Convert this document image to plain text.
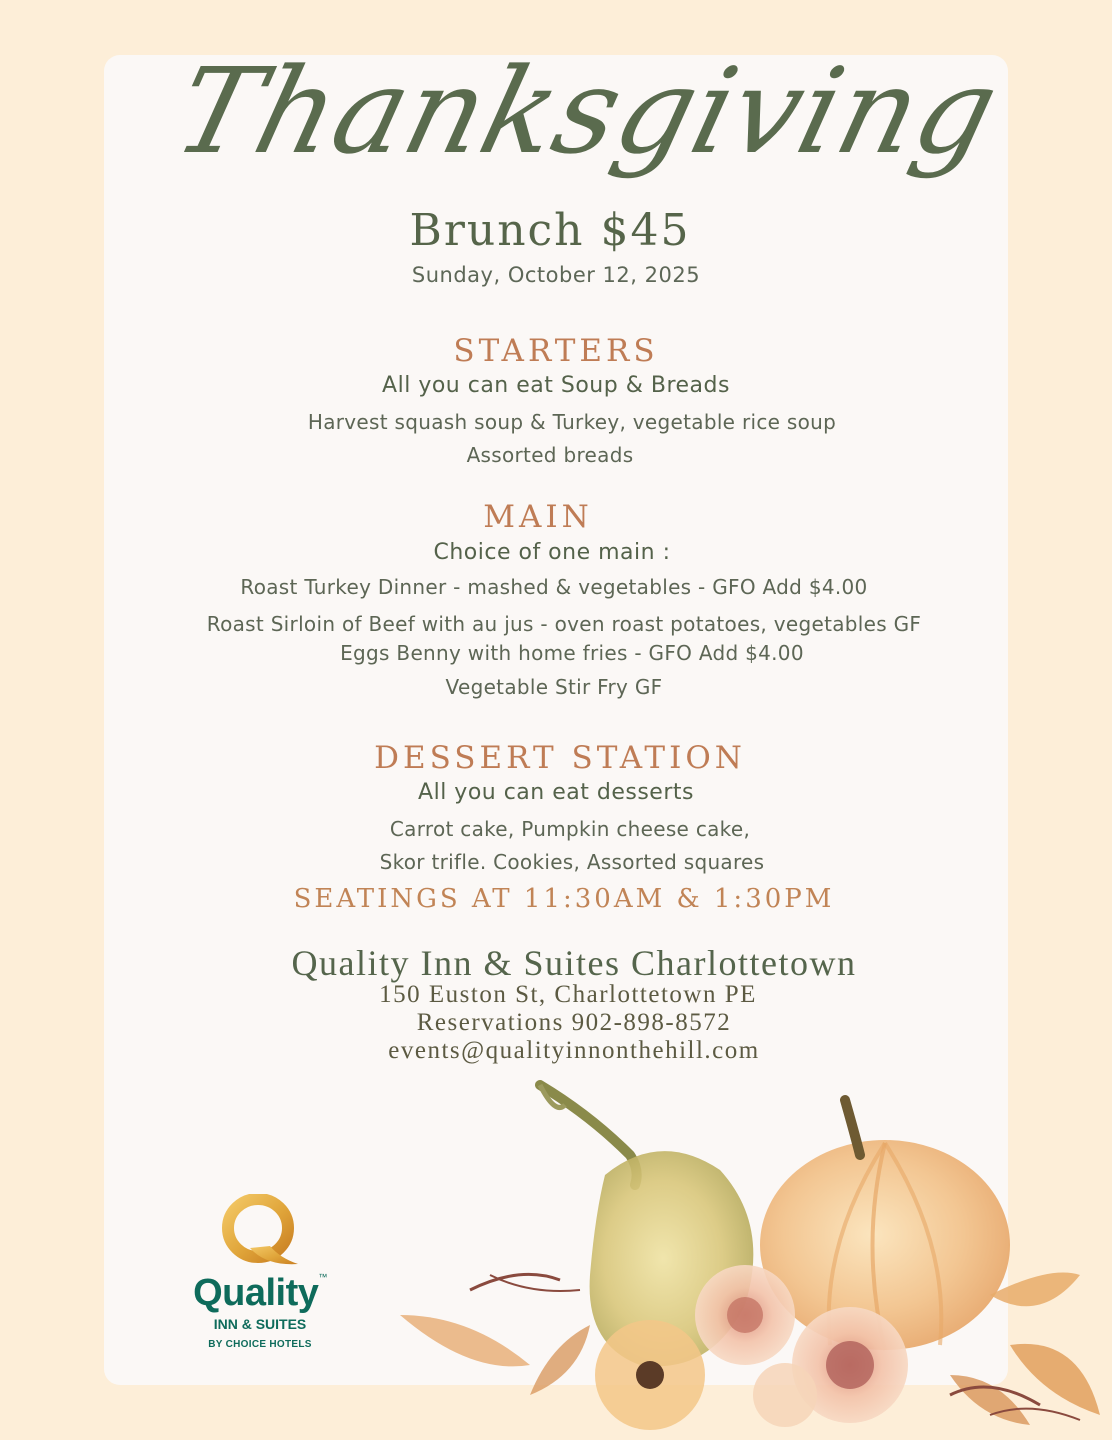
Thanksgiving
Brunch $45
Sunday, October 12, 2025
STARTERS
All you can eat Soup & Breads
Harvest squash soup & Turkey, vegetable rice soup
Assorted breads
MAIN
Choice of one main :
Roast Turkey Dinner - mashed & vegetables - GFO Add $4.00
Roast Sirloin of Beef with au jus - oven roast potatoes, vegetables GF
Eggs Benny with home fries - GFO Add $4.00
Vegetable Stir Fry GF
DESSERT STATION
All you can eat desserts
Carrot cake, Pumpkin cheese cake,
Skor trifle. Cookies, Assorted squares
SEATINGS AT 11:30AM & 1:30PM
Quality Inn & Suites Charlottetown
150 Euston St, Charlottetown PE
Reservations 902-898-8572
events@qualityinnonthehill.com
Quality™
INN & SUITES
BY CHOICE HOTELS
